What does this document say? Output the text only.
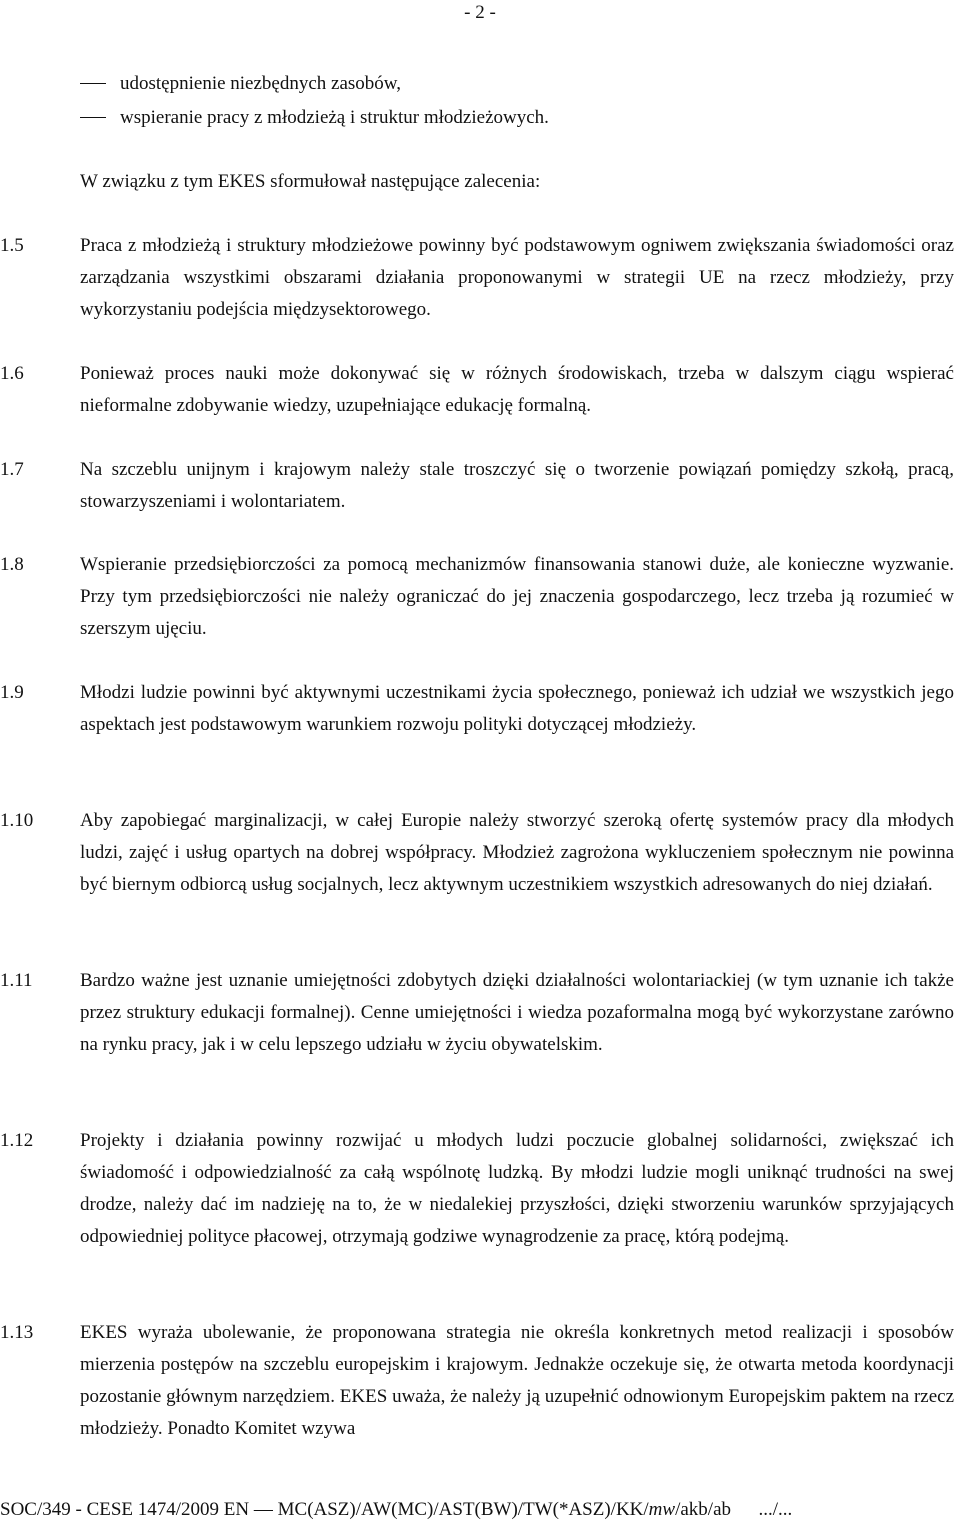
- 2 -
udostępnienie niezbędnych zasobów,
wspieranie pracy z młodzieżą i struktur młodzieżowych.
W związku z tym EKES sformułował następujące zalecenia:
1.5	Praca z młodzieżą i struktury młodzieżowe powinny być podstawowym ogniwem zwiększania świadomości oraz zarządzania wszystkimi obszarami działania proponowanymi w strategii UE na rzecz młodzieży, przy wykorzystaniu podejścia międzysektorowego.
1.6	Ponieważ proces nauki może dokonywać się w różnych środowiskach, trzeba w dalszym ciągu wspierać nieformalne zdobywanie wiedzy, uzupełniające edukację formalną.
1.7	Na szczeblu unijnym i krajowym należy stale troszczyć się o tworzenie powiązań pomiędzy szkołą, pracą, stowarzyszeniami i wolontariatem.
1.8	Wspieranie przedsiębiorczości za pomocą mechanizmów finansowania stanowi duże, ale konieczne wyzwanie. Przy tym przedsiębiorczości nie należy ograniczać do jej znaczenia gospodarczego, lecz trzeba ją rozumieć w szerszym ujęciu.
1.9	Młodzi ludzie powinni być aktywnymi uczestnikami życia społecznego, ponieważ ich udział we wszystkich jego aspektach jest podstawowym warunkiem rozwoju polityki dotyczącej młodzieży.
1.10	Aby zapobiegać marginalizacji, w całej Europie należy stworzyć szeroką ofertę systemów pracy dla młodych ludzi, zajęć i usług opartych na dobrej współpracy. Młodzież zagrożona wykluczeniem społecznym nie powinna być biernym odbiorcą usług socjalnych, lecz aktywnym uczestnikiem wszystkich adresowanych do niej działań.
1.11	Bardzo ważne jest uznanie umiejętności zdobytych dzięki działalności wolontariackiej (w tym uznanie ich także przez struktury edukacji formalnej). Cenne umiejętności i wiedza pozaformalna mogą być wykorzystane zarówno na rynku pracy, jak i w celu lepszego udziału w życiu obywatelskim.
1.12	Projekty i działania powinny rozwijać u młodych ludzi poczucie globalnej solidarności, zwiększać ich świadomość i odpowiedzialność za całą wspólnotę ludzką. By młodzi ludzie mogli uniknąć trudności na swej drodze, należy dać im nadzieję na to, że w niedalekiej przyszłości, dzięki stworzeniu warunków sprzyjających odpowiedniej polityce płacowej, otrzymają godziwe wynagrodzenie za pracę, którą podejmą.
1.13	EKES wyraża ubolewanie, że proponowana strategia nie określa konkretnych metod realizacji i sposobów mierzenia postępów na szczeblu europejskim i krajowym. Jednakże oczekuje się, że otwarta metoda koordynacji pozostanie głównym narzędziem. EKES uważa, że należy ją uzupełnić odnowionym Europejskim paktem na rzecz młodzieży. Ponadto Komitet wzywa
SOC/349 - CESE 1474/2009 EN — MC(ASZ)/AW(MC)/AST(BW)/TW(*ASZ)/KK/mw/akb/ab .../...
